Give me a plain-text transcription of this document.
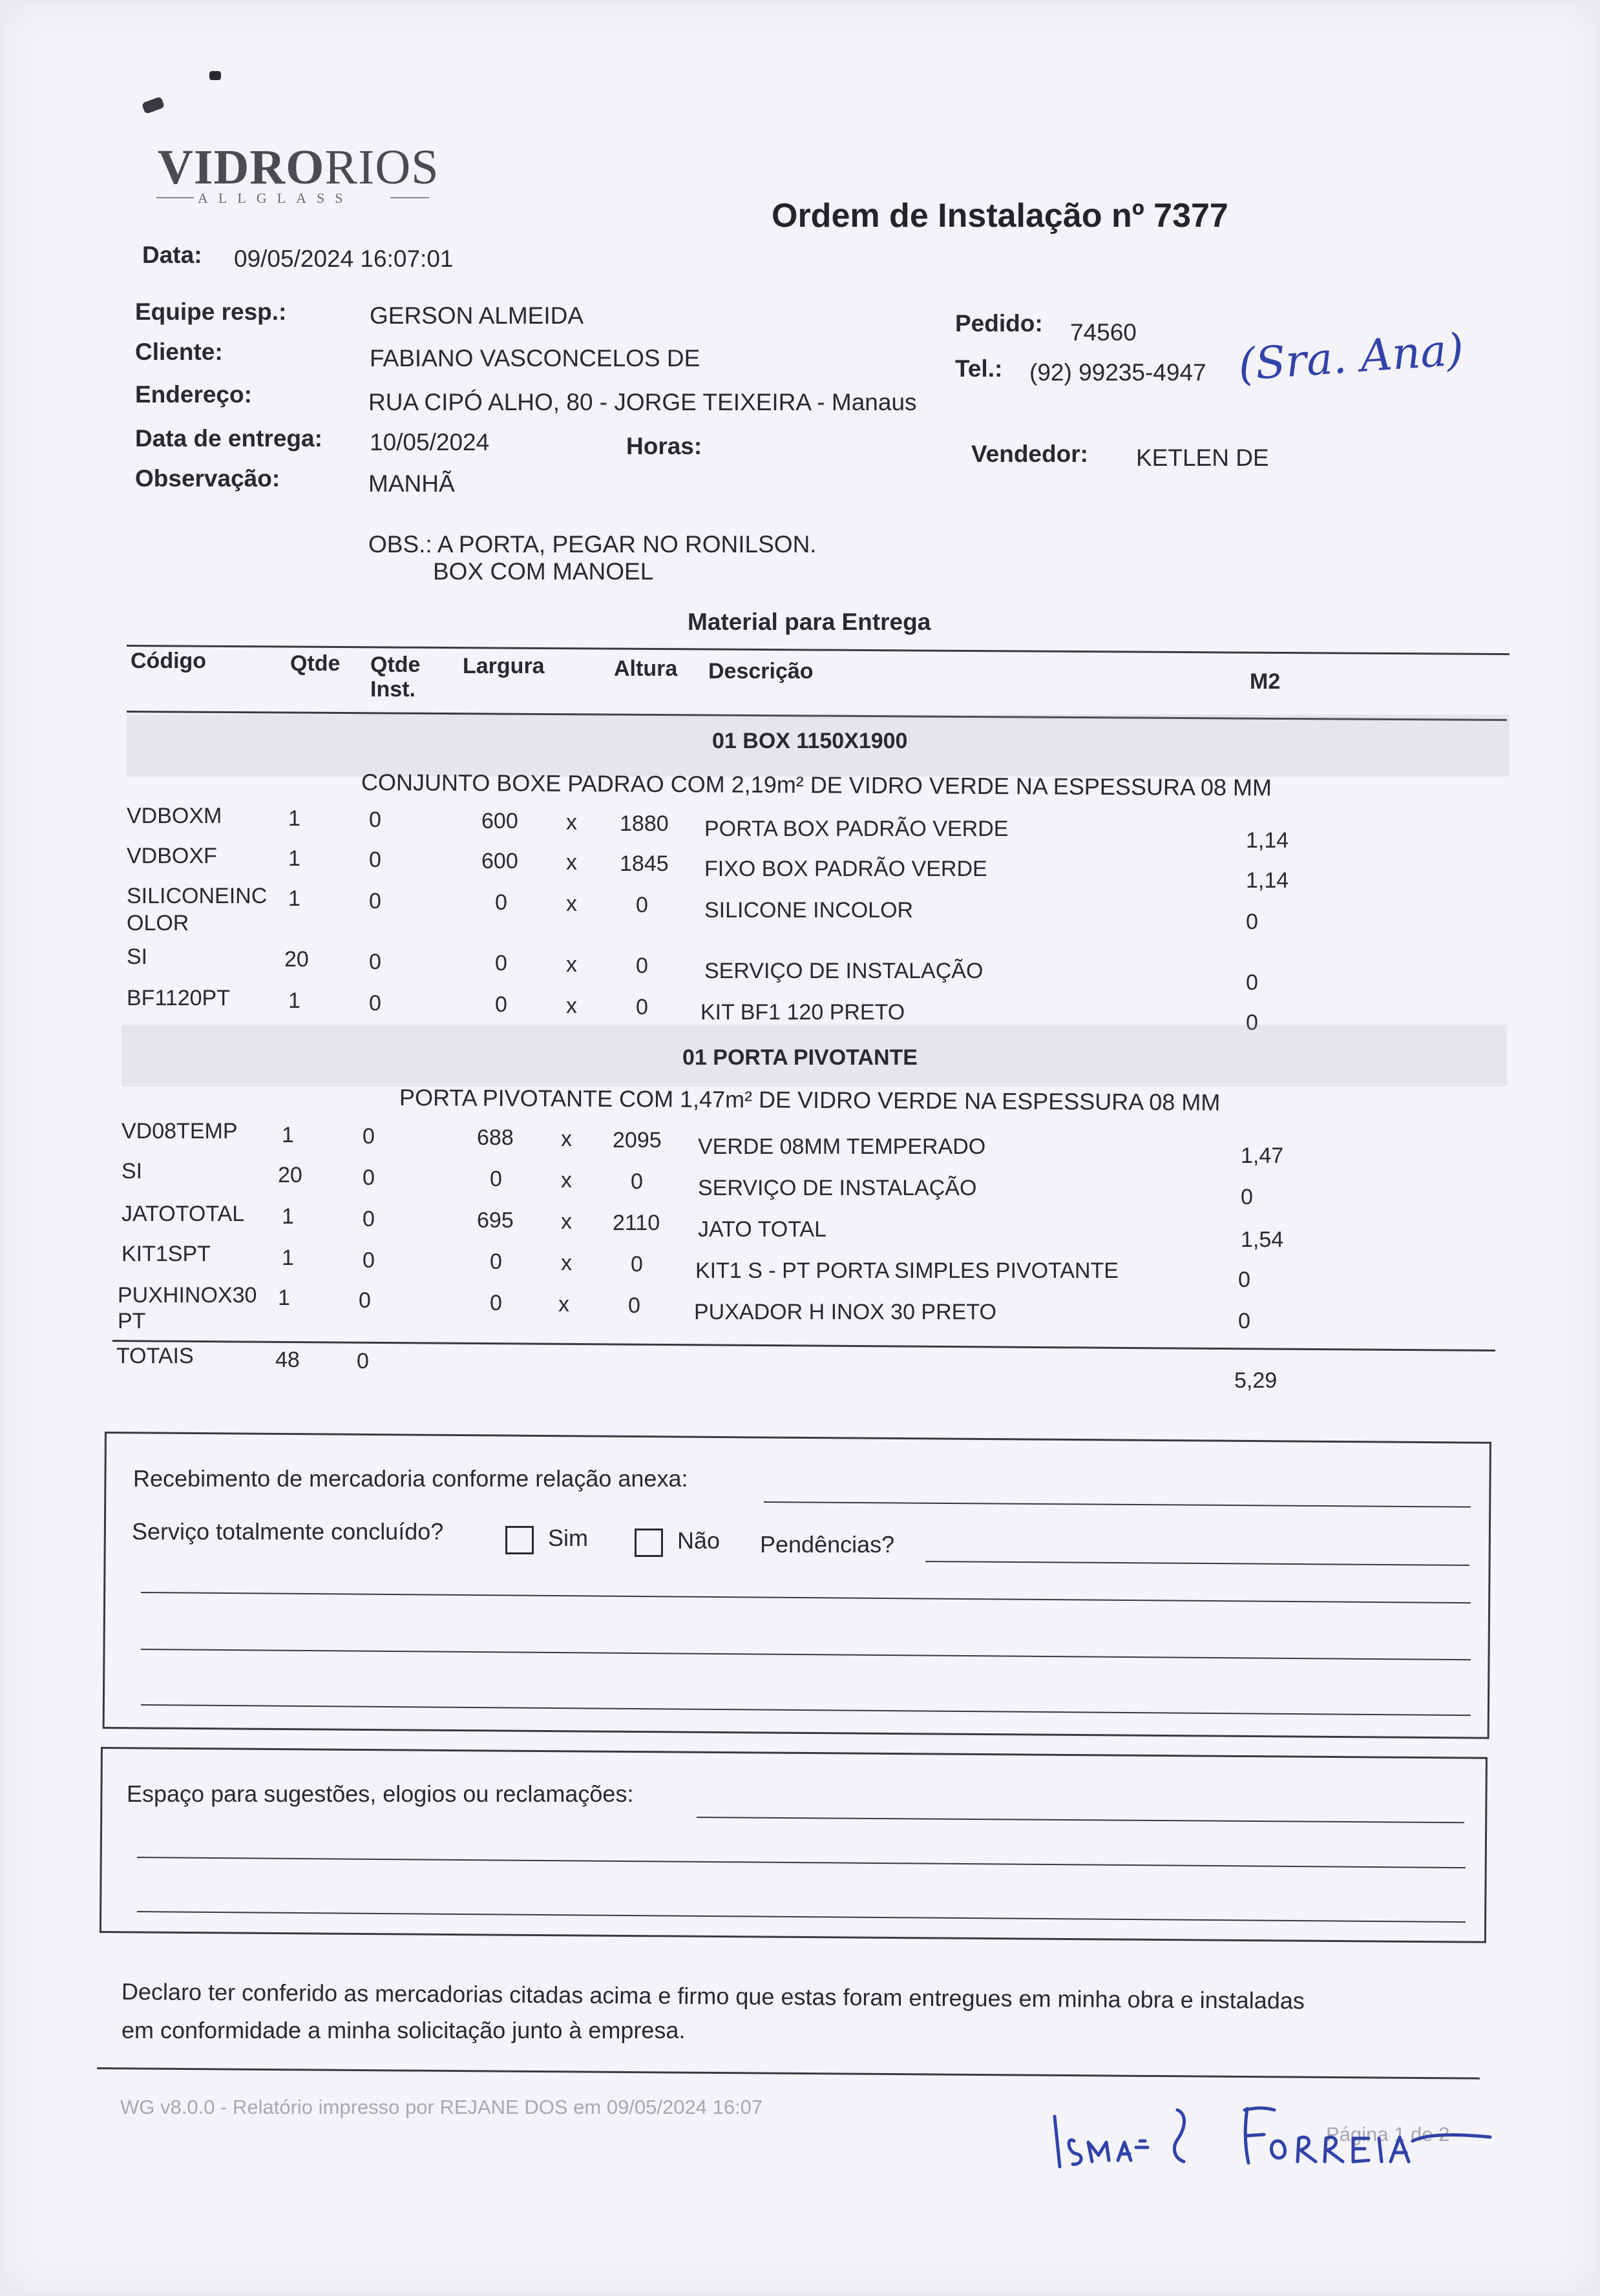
VIDRORIOS
ALLGLASS	Ordem de Instalação nº 7377
Data: 09/05/2024 16:07:01
Equipe resp.:	GERSON ALMEIDA
Cliente:	FABIANO VASCONCELOS DE
Endereço:	RUA CIPÓ ALHO, 80 - JORGE TEIXEIRA - Manaus
Data de entrega: 10/05/2024	Horas:
Observação:	MANHÃ
Pedido: 74560
Tel.: (92) 99235-4947 (Sra. Ana)
Vendedor: KETLEN DE
OBS.: A PORTA, PEGAR NO RONILSON.
BOX COM MANOEL
Material para Entrega
Código	Qtde Qtde
Inst.
Largura	Altura Descrição	M2
01 BOX 1150X1900
CONJUNTO BOXE PADRAO COM 2,19m² DE VIDRO VERDE NA ESPESSURA 08 MM
VDBOXM	1	0	600 x 1880 PORTA BOX PADRÃO VERDE	1,14
VDBOXF	1	0	600 x 1845 FIXO BOX PADRÃO VERDE	1,14
SILICONEINC
OLOR
1	0	0	x	0	SILICONE INCOLOR	0
SI	20	0	0	x	0	SERVIÇO DE INSTALAÇÃO	0
BF1120PT	1	0	0	x	0 KIT BF1 120 PRETO	0
01 PORTA PIVOTANTE
PORTA PIVOTANTE COM 1,47m² DE VIDRO VERDE NA ESPESSURA 08 MM
VD08TEMP 1	0	688 x 2095 VERDE 08MM TEMPERADO	1,47
SI	20	0	0	x	0	SERVIÇO DE INSTALAÇÃO	0
JATOTOTAL 1	0	695 x 2110 JATO TOTAL	1,54
KIT1SPT	1	0	0	x	0 KIT1 S - PT PORTA SIMPLES PIVOTANTE	0
PUXHINOX30
PT
1	0	0	x	0 PUXADOR H INOX 30 PRETO	0
TOTAIS	48	0
5,29
Recebimento de mercadoria conforme relação anexa:
Serviço totalmente concluído?	Sim	Não Pendências?
Espaço para sugestões, elogios ou reclamações:
Declaro ter conferido as mercadorias citadas acima e firmo que estas foram entregues em minha obra e instaladas
em conformidade a minha solicitação junto à empresa.
WG v8.0.0 - Relatório impresso por REJANE DOS em 09/05/2024 16:07
Página 1 de 2
